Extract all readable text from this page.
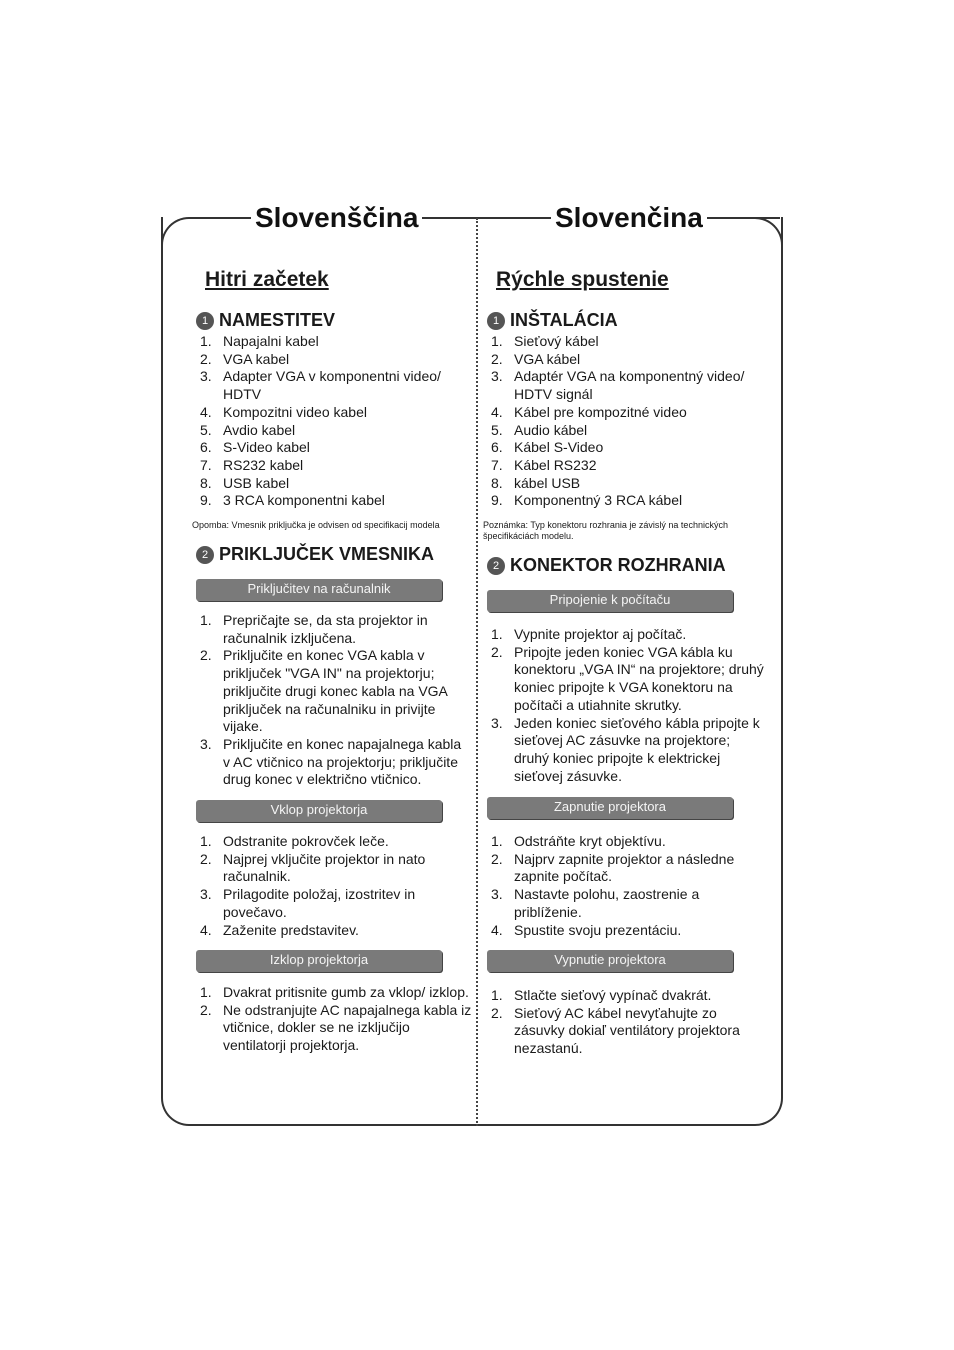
Slovenščina	Slovenčina
Hitri začetek
1 NAMESTITEV
1. Napajalni kabel
2. VGA kabel
3. Adapter VGA v komponentni video/ HDTV
4. Kompozitni video kabel
5. Avdio kabel
6. S-Video kabel
7. RS232 kabel
8. USB kabel
9. 3 RCA komponentni kabel
Opomba: Vmesnik priključka je odvisen od specifikacij modela
2 PRIKLJUČEK VMESNIKA
Priključitev na računalnik
1. Prepričajte se, da sta projektor in računalnik izključena.
2. Priključite en konec VGA kabla v priključek "VGA IN" na projektorju; priključite drugi konec kabla na VGA priključek na računalniku in privijte vijake.
3. Priključite en konec napajalnega kabla v AC vtičnico na projektorju; priključite drug konec v električno vtičnico.
Vklop projektorja
1. Odstranite pokrovček leče.
2. Najprej vključite projektor in nato računalnik.
3. Prilagodite položaj, izostritev in povečavo.
4. Zaženite predstavitev.
Izklop projektorja
1. Dvakrat pritisnite gumb za vklop/ izklop.
2. Ne odstranjujte AC napajalnega kabla iz vtičnice, dokler se ne izključijo ventilatorji projektorja.
Rýchle spustenie
1 INŠTALÁCIA
1. Sieťový kábel
2. VGA kábel
3. Adaptér VGA na komponentný video/ HDTV signál
4. Kábel pre kompozitné video
5. Audio kábel
6. Kábel S-Video
7. Kábel RS232
8. kábel USB
9. Komponentný 3 RCA kábel
Poznámka: Typ konektoru rozhrania je závislý na technických špecifikáciách modelu.
2 KONEKTOR ROZHRANIA
Pripojenie k počítaču
1. Vypnite projektor aj počítač.
2. Pripojte jeden koniec VGA kábla ku konektoru „VGA IN“ na projektore; druhý koniec pripojte k VGA konektoru na počítači a utiahnite skrutky.
3. Jeden koniec sieťového kábla pripojte k sieťovej AC zásuvke na projektore; druhý koniec pripojte k elektrickej sieťovej zásuvke.
Zapnutie projektora
1. Odstráňte kryt objektívu.
2. Najprv zapnite projektor a následne zapnite počítač.
3. Nastavte polohu, zaostrenie a priblíženie.
4. Spustite svoju prezentáciu.
Vypnutie projektora
1. Stlačte sieťový vypínač dvakrát.
2. Sieťový AC kábel nevyťahujte zo zásuvky dokiaľ ventilátory projektora nezastanú.
